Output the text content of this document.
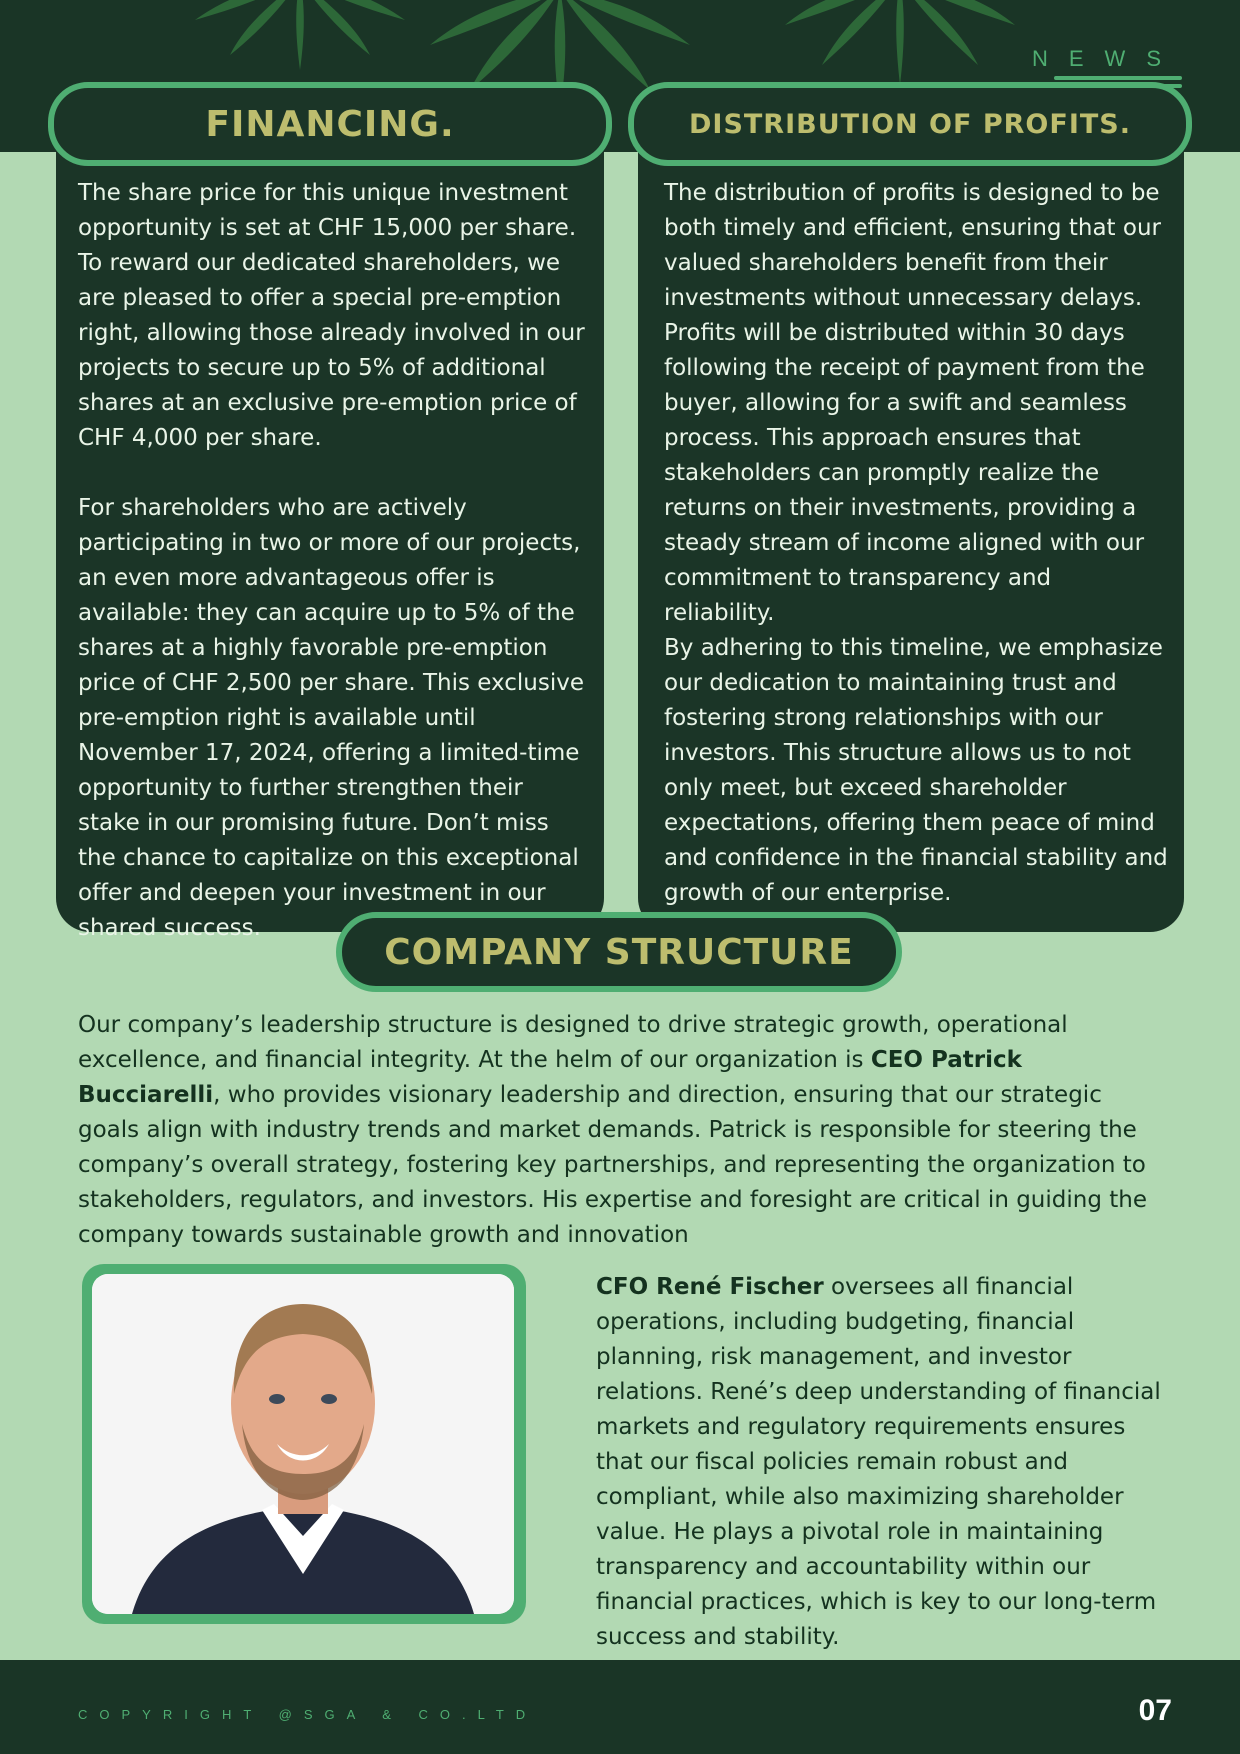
NEWS
The share price for this unique investment opportunity is set at CHF 15,000 per share. To reward our dedicated shareholders, we are pleased to offer a special pre-emption right, allowing those already involved in our projects to secure up to 5% of additional shares at an exclusive pre-emption price of CHF 4,000 per share.

For shareholders who are actively participating in two or more of our projects, an even more advantageous offer is available: they can acquire up to 5% of the shares at a highly favorable pre-emption price of CHF 2,500 per share. This exclusive pre-emption right is available until November 17, 2024, offering a limited-time opportunity to further strengthen their stake in our promising future. Don’t miss the chance to capitalize on this exceptional offer and deepen your investment in our shared success.
FINANCING.
The distribution of profits is designed to be both timely and efficient, ensuring that our valued shareholders benefit from their investments without unnecessary delays. Profits will be distributed within 30 days following the receipt of payment from the buyer, allowing for a swift and seamless process. This approach ensures that stakeholders can promptly realize the returns on their investments, providing a steady stream of income aligned with our commitment to transparency and reliability.
By adhering to this timeline, we emphasize our dedication to maintaining trust and fostering strong relationships with our investors. This structure allows us to not only meet, but exceed shareholder expectations, offering them peace of mind and confidence in the financial stability and growth of our enterprise.
DISTRIBUTION OF PROFITS.
COMPANY STRUCTURE
Our company’s leadership structure is designed to drive strategic growth, operational excellence, and financial integrity. At the helm of our organization is CEO Patrick Bucciarelli, who provides visionary leadership and direction, ensuring that our strategic goals align with industry trends and market demands. Patrick is responsible for steering the company’s overall strategy, fostering key partnerships, and representing the organization to stakeholders, regulators, and investors. His expertise and foresight are critical in guiding the company towards sustainable growth and innovation
CFO René Fischer oversees all financial operations, including budgeting, financial planning, risk management, and investor relations. René’s deep understanding of financial markets and regulatory requirements ensures that our fiscal policies remain robust and compliant, while also maximizing shareholder value. He plays a pivotal role in maintaining transparency and accountability within our financial practices, which is key to our long-term success and stability.
COPYRIGHT @SGA & CO.LTD	07
